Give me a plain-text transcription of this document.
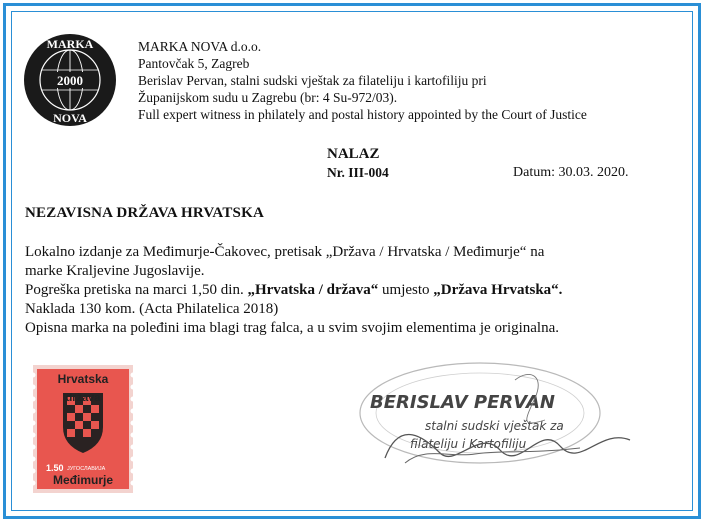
2000
MARKA
NOVA
MARKA NOVA d.o.o.
Pantovčak 5, Zagreb
Berislav Pervan, stalni sudski vještak za filateliju i kartofiliju pri
Županijskom sudu u Zagrebu (br: 4 Su-972/03).
Full expert witness in philately and postal history appointed by the Court of Justice
NALAZ
Nr. III-004	Datum: 30.03. 2020.
NEZAVISNA DRŽAVA HRVATSKA
Lokalno izdanje za Međimurje-Čakovec, pretisak „Država / Hrvatska / Međimurje“ na
marke Kraljevine Jugoslavije.
Pogreška pretiska na marci 1,50 din. „Hrvatska / država“ umjesto „Država Hrvatska“.
Naklada 130 kom. (Acta Philatelica 2018)
Opisna marka na poleđini ima blagi trag falca, a u svim svojim elementima je originalna.
Hrvatska
država
1.50 ЈУГОСЛАВИЈА
Međimurje
BERISLAV PERVAN
stalni sudski vještak za
filateliju i Kartofiliju
